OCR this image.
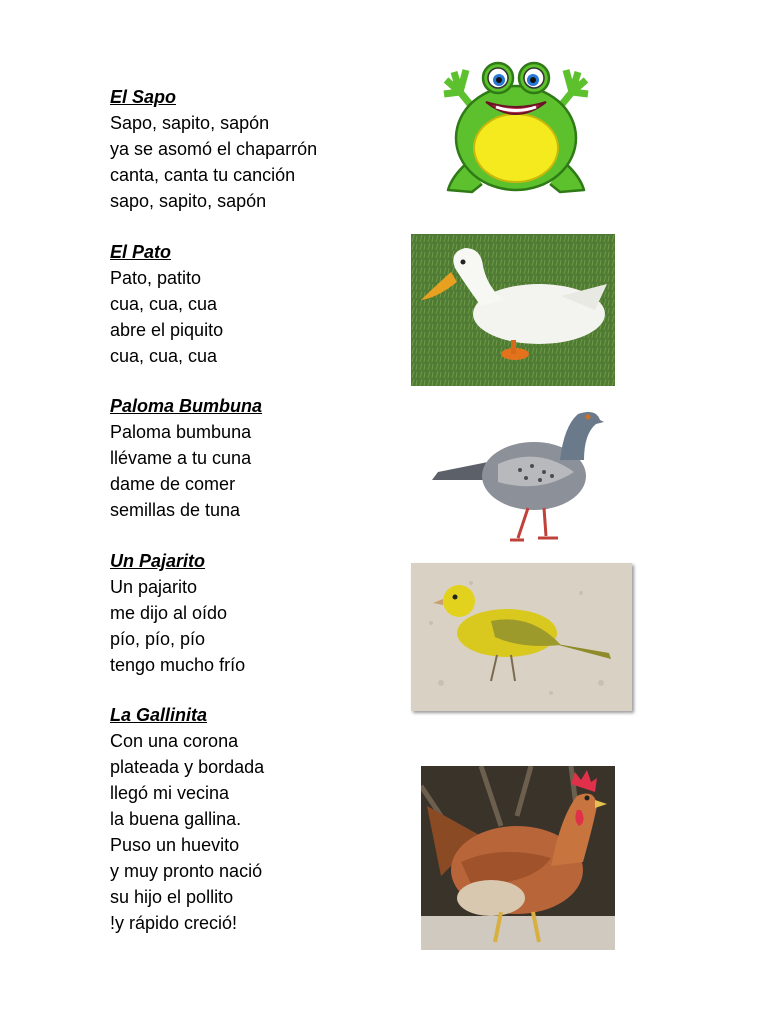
El Sapo
Sapo, sapito, sapón
ya se asomó el chaparrón
canta, canta tu canción
sapo, sapito, sapón
El Pato
Pato, patito
cua, cua, cua
abre el piquito
cua, cua, cua
Paloma Bumbuna
Paloma bumbuna
llévame a tu cuna
dame de comer
semillas de tuna
Un Pajarito
Un pajarito
me dijo al oído
pío, pío, pío
tengo mucho frío
La Gallinita
Con una corona
plateada y bordada
llegó mi vecina
la buena gallina.
Puso un huevito
y muy pronto nació
su hijo el pollito
!y rápido creció!
